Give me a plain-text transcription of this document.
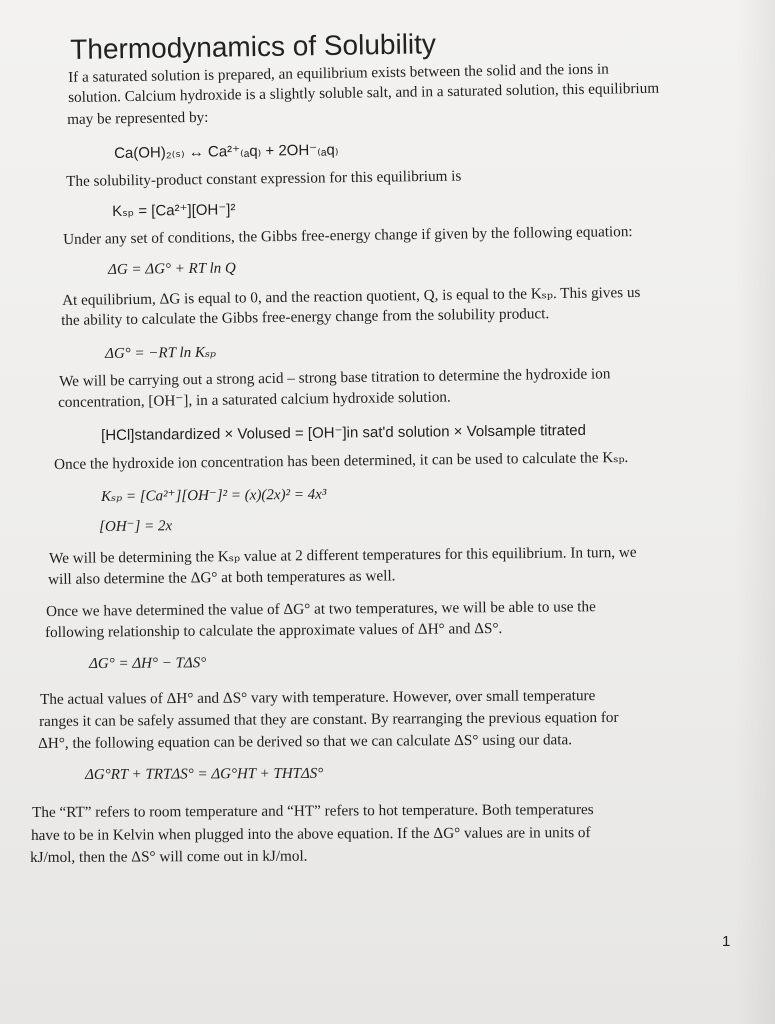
Thermodynamics of Solubility
If a saturated solution is prepared, an equilibrium exists between the solid and the ions in
solution. Calcium hydroxide is a slightly soluble salt, and in a saturated solution, this equilibrium
may be represented by:
Ca(OH)₂₍ₛ₎ ↔ Ca²⁺₍ₐq₎ + 2OH⁻₍ₐq₎
The solubility-product constant expression for this equilibrium is
Kₛₚ = [Ca²⁺][OH⁻]²
Under any set of conditions, the Gibbs free-energy change if given by the following equation:
ΔG = ΔG° + RT ln Q
At equilibrium, ΔG is equal to 0, and the reaction quotient, Q, is equal to the Kₛₚ. This gives us
the ability to calculate the Gibbs free-energy change from the solubility product.
ΔG° = −RT ln Kₛₚ
We will be carrying out a strong acid – strong base titration to determine the hydroxide ion
concentration, [OH⁻], in a saturated calcium hydroxide solution.
[HCl]standardized × Volused = [OH⁻]in sat'd solution × Volsample titrated
Once the hydroxide ion concentration has been determined, it can be used to calculate the Kₛₚ.
Kₛₚ = [Ca²⁺][OH⁻]² = (x)(2x)² = 4x³
[OH⁻] = 2x
We will be determining the Kₛₚ value at 2 different temperatures for this equilibrium. In turn, we
will also determine the ΔG° at both temperatures as well.
Once we have determined the value of ΔG° at two temperatures, we will be able to use the
following relationship to calculate the approximate values of ΔH° and ΔS°.
ΔG° = ΔH° − TΔS°
The actual values of ΔH° and ΔS° vary with temperature. However, over small temperature
ranges it can be safely assumed that they are constant. By rearranging the previous equation for
ΔH°, the following equation can be derived so that we can calculate ΔS° using our data.
ΔG°RT + TRTΔS° = ΔG°HT + THTΔS°
The “RT” refers to room temperature and “HT” refers to hot temperature. Both temperatures
have to be in Kelvin when plugged into the above equation. If the ΔG° values are in units of
kJ/mol, then the ΔS° will come out in kJ/mol.
1
